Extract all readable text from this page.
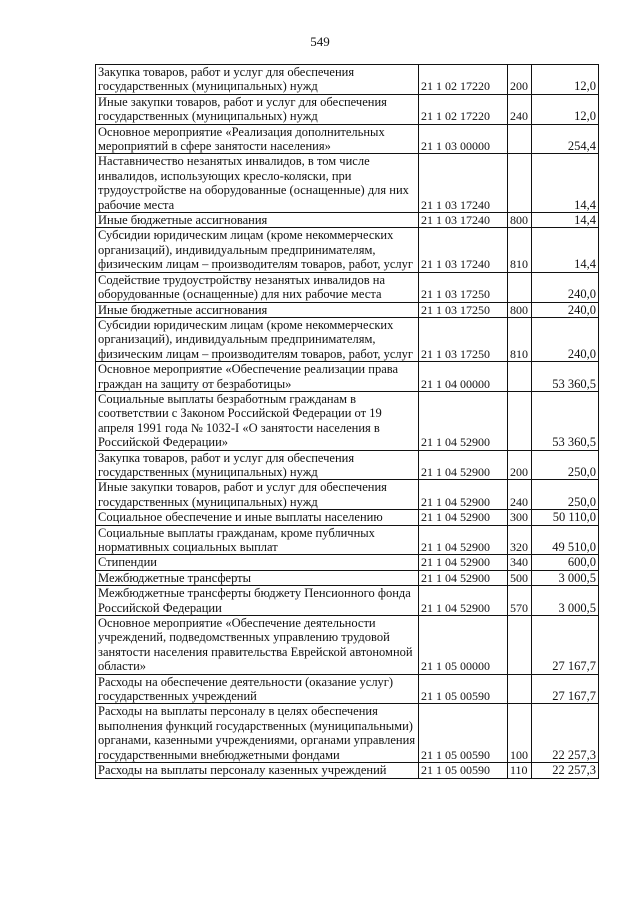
549
Закупка товаров, работ и услуг для обеспечения государственных (муниципальных) нужд	21 1 02 17220	200	12,0
Иные закупки товаров, работ и услуг для обеспечения государственных (муниципальных) нужд	21 1 02 17220	240	12,0
Основное мероприятие «Реализация дополнительных мероприятий в сфере занятости населения»	21 1 03 00000		254,4
Наставничество незанятых инвалидов, в том числе инвалидов, использующих кресло-коляски, при трудоустройстве на оборудованные (оснащенные) для них рабочие места	21 1 03 17240		14,4
Иные бюджетные ассигнования	21 1 03 17240	800	14,4
Субсидии юридическим лицам (кроме некоммерческих организаций), индивидуальным предпринимателям, физическим лицам – производителям товаров, работ, услуг	21 1 03 17240	810	14,4
Содействие трудоустройству незанятых инвалидов на оборудованные (оснащенные) для них рабочие места	21 1 03 17250		240,0
Иные бюджетные ассигнования	21 1 03 17250	800	240,0
Субсидии юридическим лицам (кроме некоммерческих организаций), индивидуальным предпринимателям, физическим лицам – производителям товаров, работ, услуг	21 1 03 17250	810	240,0
Основное мероприятие «Обеспечение реализации права граждан на защиту от безработицы»	21 1 04 00000		53 360,5
Социальные выплаты безработным гражданам в соответствии с Законом Российской Федерации от 19 апреля 1991 года № 1032-I «О занятости населения в Российской Федерации»	21 1 04 52900		53 360,5
Закупка товаров, работ и услуг для обеспечения государственных (муниципальных) нужд	21 1 04 52900	200	250,0
Иные закупки товаров, работ и услуг для обеспечения государственных (муниципальных) нужд	21 1 04 52900	240	250,0
Социальное обеспечение и иные выплаты населению	21 1 04 52900	300	50 110,0
Социальные выплаты гражданам, кроме публичных нормативных социальных выплат	21 1 04 52900	320	49 510,0
Стипендии	21 1 04 52900	340	600,0
Межбюджетные трансферты	21 1 04 52900	500	3 000,5
Межбюджетные трансферты бюджету Пенсионного фонда Российской Федерации	21 1 04 52900	570	3 000,5
Основное мероприятие «Обеспечение деятельности учреждений, подведомственных управлению трудовой занятости населения правительства Еврейской автономной области»	21 1 05 00000		27 167,7
Расходы на обеспечение деятельности (оказание услуг) государственных учреждений	21 1 05 00590		27 167,7
Расходы на выплаты персоналу в целях обеспечения выполнения функций государственных (муниципальными) органами, казенными учреждениями, органами управления государственными внебюджетными фондами	21 1 05 00590	100	22 257,3
Расходы на выплаты персоналу казенных учреждений	21 1 05 00590	110	22 257,3
